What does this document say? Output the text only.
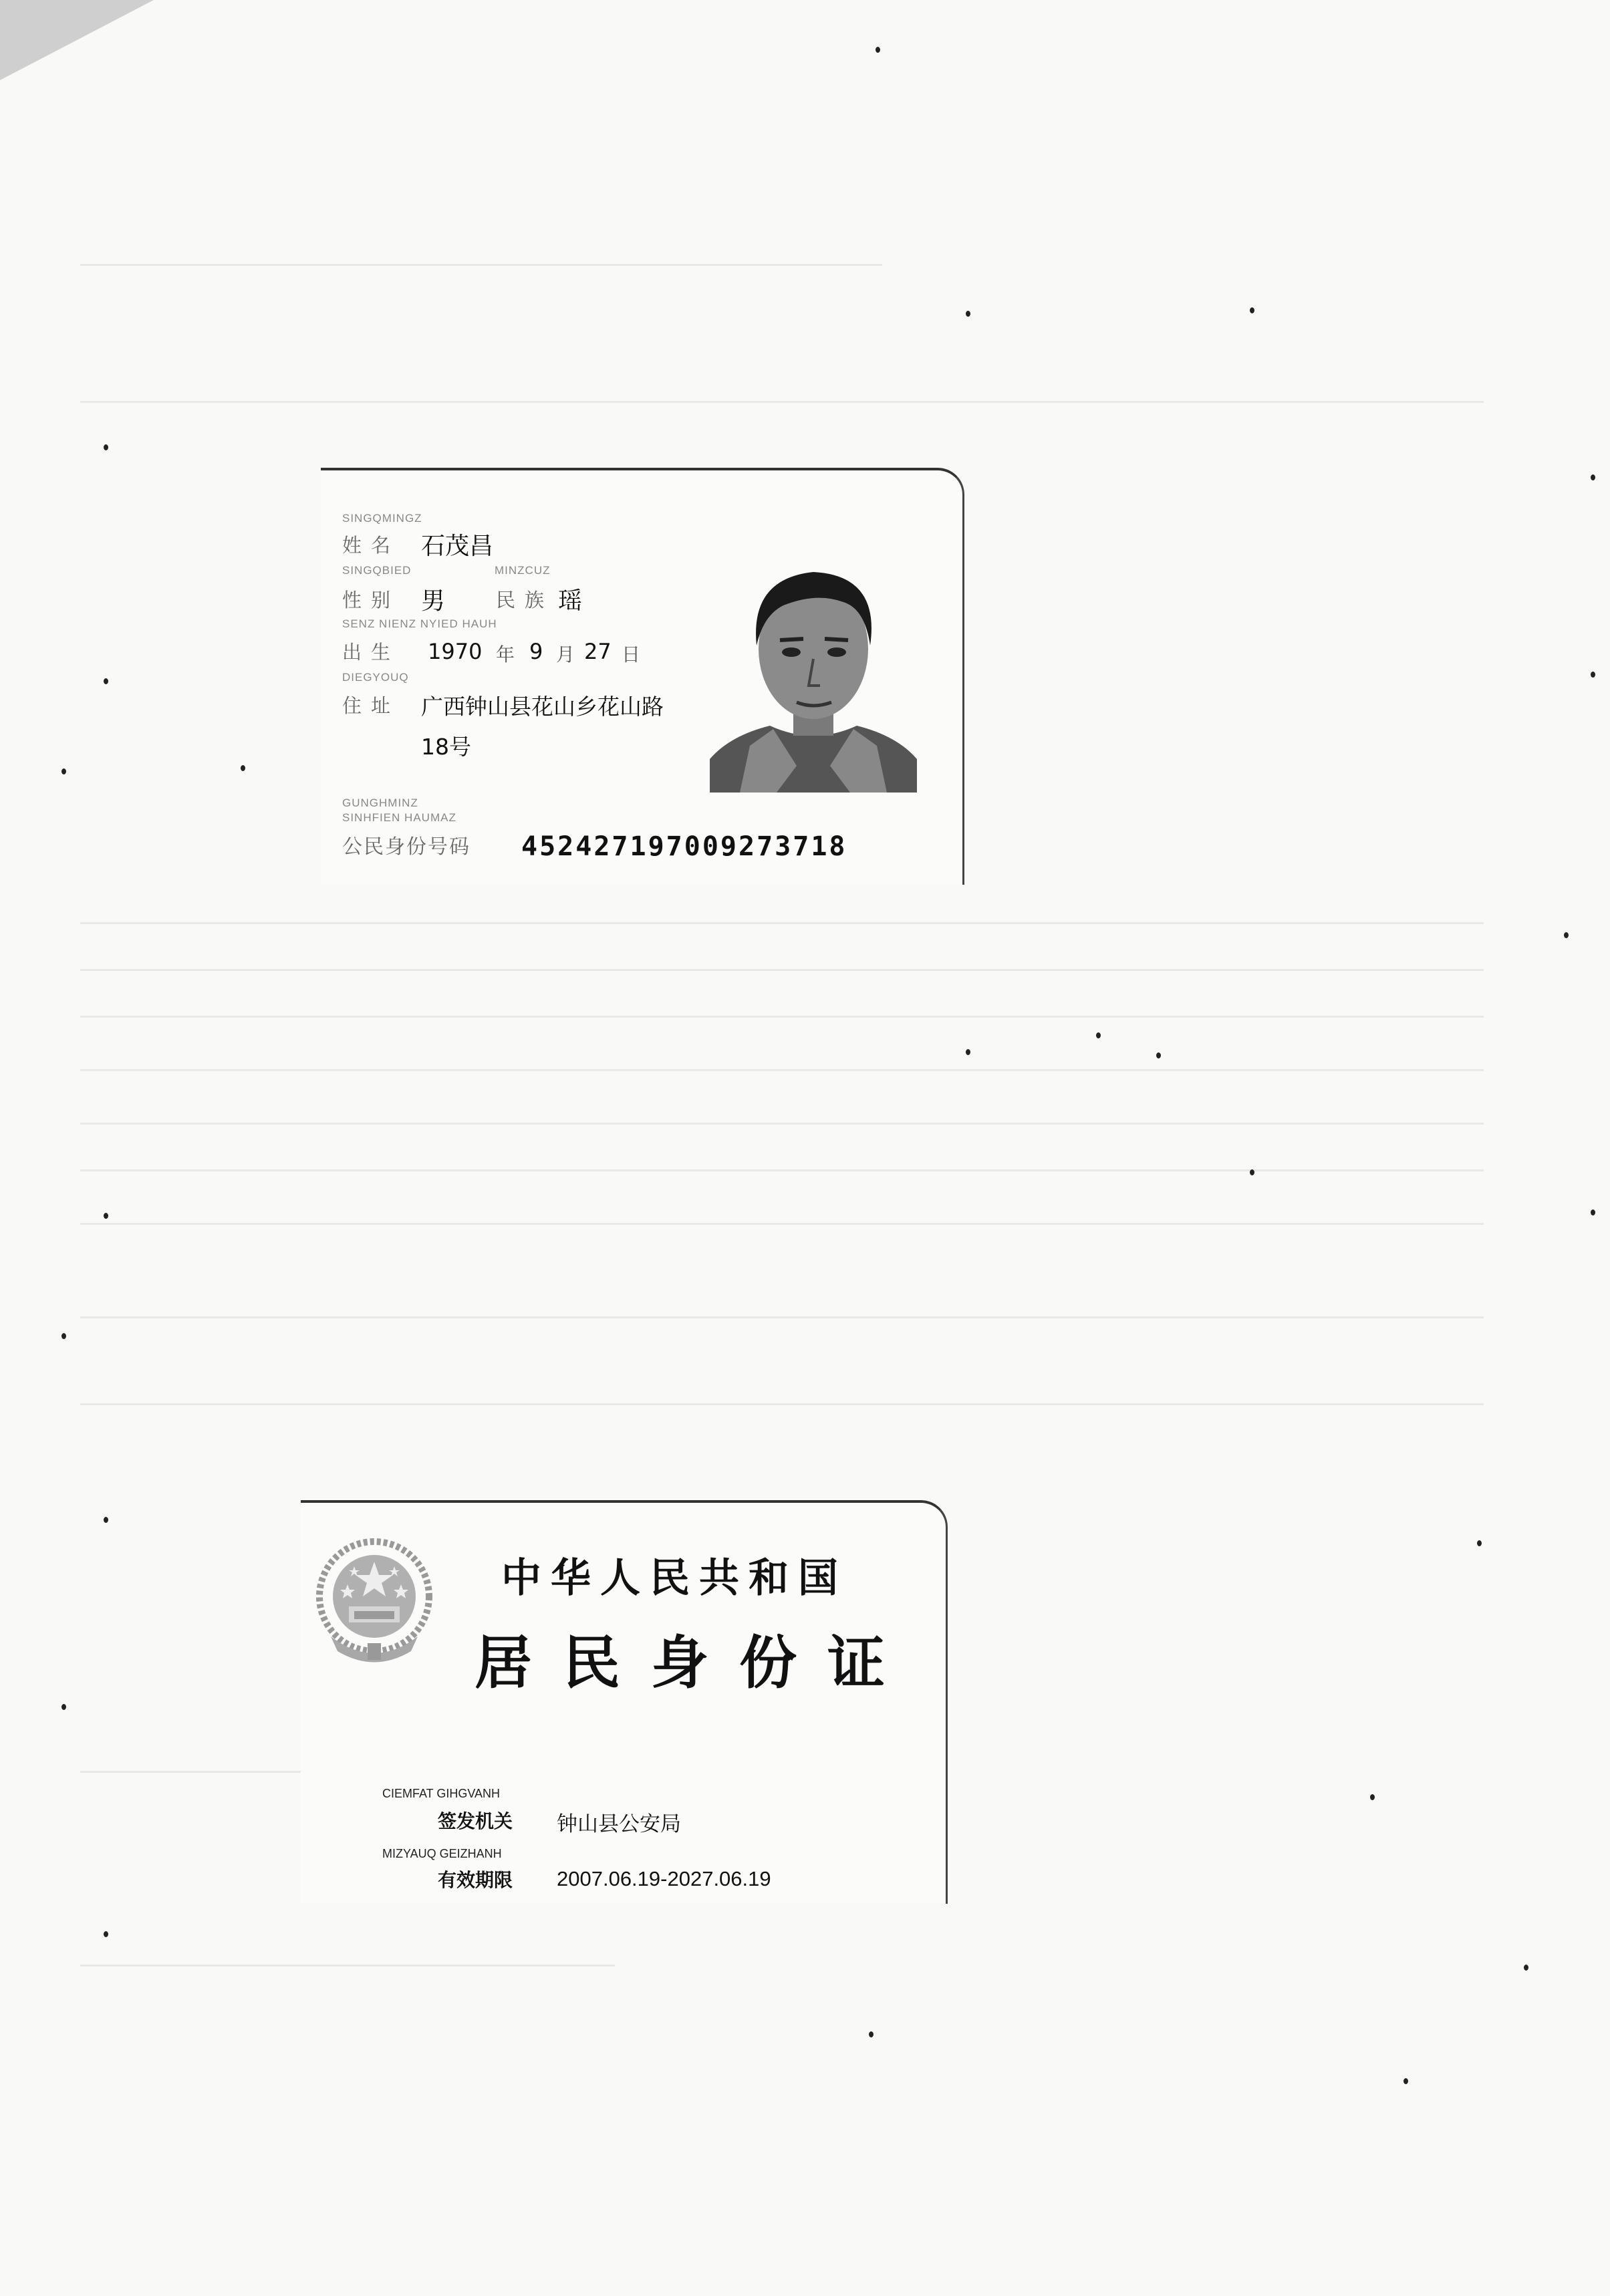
SINGQMINGZ
姓名 石茂昌
SINGQBIED	MINZCUZ
性别 男	民族 瑶
SENZ NIENZ NYIED HAUH
出生 1970 年 9 月 27 日
DIEGYOUQ
住址 广西钟山县花山乡花山路
18号
GUNGHMINZ
SINHFIEN HAUMAZ
公民身份号码 452427197009273718
中华人民共和国
居民身份证
CIEMFAT GIHGVANH
签发机关 钟山县公安局
MIZYAUQ GEIZHANH
有效期限 2007.06.19-2027.06.19
